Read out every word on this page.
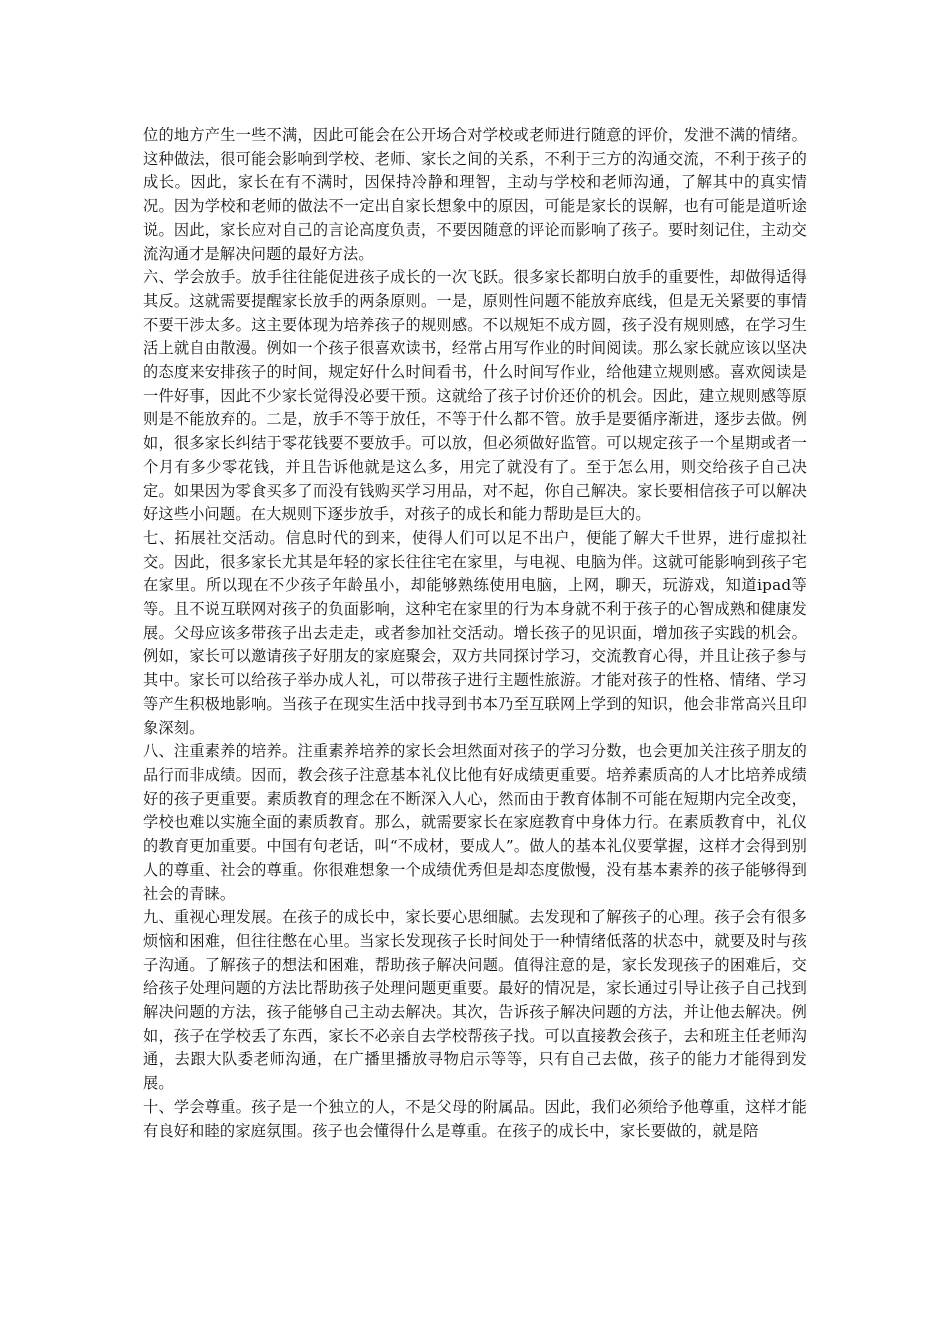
位的地方产生一些不满，因此可能会在公开场合对学校或老师进行随意的评价，发泄不满的情绪。这种做法，很可能会影响到学校、老师、家长之间的关系，不利于三方的沟通交流，不利于孩子的成长。因此，家长在有不满时，因保持冷静和理智，主动与学校和老师沟通，了解其中的真实情况。因为学校和老师的做法不一定出自家长想象中的原因，可能是家长的误解，也有可能是道听途说。因此，家长应对自己的言论高度负责，不要因随意的评论而影响了孩子。要时刻记住，主动交流沟通才是解决问题的最好方法。

六、学会放手。放手往往能促进孩子成长的一次飞跃。很多家长都明白放手的重要性，却做得适得其反。这就需要提醒家长放手的两条原则。一是，原则性问题不能放弃底线，但是无关紧要的事情不要干涉太多。这主要体现为培养孩子的规则感。不以规矩不成方圆，孩子没有规则感，在学习生活上就自由散漫。例如一个孩子很喜欢读书，经常占用写作业的时间阅读。那么家长就应该以坚决的态度来安排孩子的时间，规定好什么时间看书，什么时间写作业，给他建立规则感。喜欢阅读是一件好事，因此不少家长觉得没必要干预。这就给了孩子讨价还价的机会。因此，建立规则感等原则是不能放弃的。二是，放手不等于放任，不等于什么都不管。放手是要循序渐进，逐步去做。例如，很多家长纠结于零花钱要不要放手。可以放，但必须做好监管。可以规定孩子一个星期或者一个月有多少零花钱，并且告诉他就是这么多，用完了就没有了。至于怎么用，则交给孩子自己决定。如果因为零食买多了而没有钱购买学习用品，对不起，你自己解决。家长要相信孩子可以解决好这些小问题。在大规则下逐步放手，对孩子的成长和能力帮助是巨大的。

七、拓展社交活动。信息时代的到来，使得人们可以足不出户，便能了解大千世界，进行虚拟社交。因此，很多家长尤其是年轻的家长往往宅在家里，与电视、电脑为伴。这就可能影响到孩子宅在家里。所以现在不少孩子年龄虽小，却能够熟练使用电脑，上网，聊天，玩游戏，知道ipad等等。且不说互联网对孩子的负面影响，这种宅在家里的行为本身就不利于孩子的心智成熟和健康发展。父母应该多带孩子出去走走，或者参加社交活动。增长孩子的见识面，增加孩子实践的机会。例如，家长可以邀请孩子好朋友的家庭聚会，双方共同探讨学习，交流教育心得，并且让孩子参与其中。家长可以给孩子举办成人礼，可以带孩子进行主题性旅游。才能对孩子的性格、情绪、学习等产生积极地影响。当孩子在现实生活中找寻到书本乃至互联网上学到的知识，他会非常高兴且印象深刻。

八、注重素养的培养。注重素养培养的家长会坦然面对孩子的学习分数，也会更加关注孩子朋友的品行而非成绩。因而，教会孩子注意基本礼仪比他有好成绩更重要。培养素质高的人才比培养成绩好的孩子更重要。素质教育的理念在不断深入人心，然而由于教育体制不可能在短期内完全改变，学校也难以实施全面的素质教育。那么，就需要家长在家庭教育中身体力行。在素质教育中，礼仪的教育更加重要。中国有句老话，叫“不成材，要成人”。做人的基本礼仪要掌握，这样才会得到别人的尊重、社会的尊重。你很难想象一个成绩优秀但是却态度傲慢，没有基本素养的孩子能够得到社会的青睐。

九、重视心理发展。在孩子的成长中，家长要心思细腻。去发现和了解孩子的心理。孩子会有很多烦恼和困难，但往往憋在心里。当家长发现孩子长时间处于一种情绪低落的状态中，就要及时与孩子沟通。了解孩子的想法和困难，帮助孩子解决问题。值得注意的是，家长发现孩子的困难后，交给孩子处理问题的方法比帮助孩子处理问题更重要。最好的情况是，家长通过引导让孩子自己找到解决问题的方法，孩子能够自己主动去解决。其次，告诉孩子解决问题的方法，并让他去解决。例如，孩子在学校丢了东西，家长不必亲自去学校帮孩子找。可以直接教会孩子，去和班主任老师沟通，去跟大队委老师沟通，在广播里播放寻物启示等等，只有自己去做，孩子的能力才能得到发展。

十、学会尊重。孩子是一个独立的人，不是父母的附属品。因此，我们必须给予他尊重，这样才能有良好和睦的家庭氛围。孩子也会懂得什么是尊重。在孩子的成长中，家长要做的，就是陪
